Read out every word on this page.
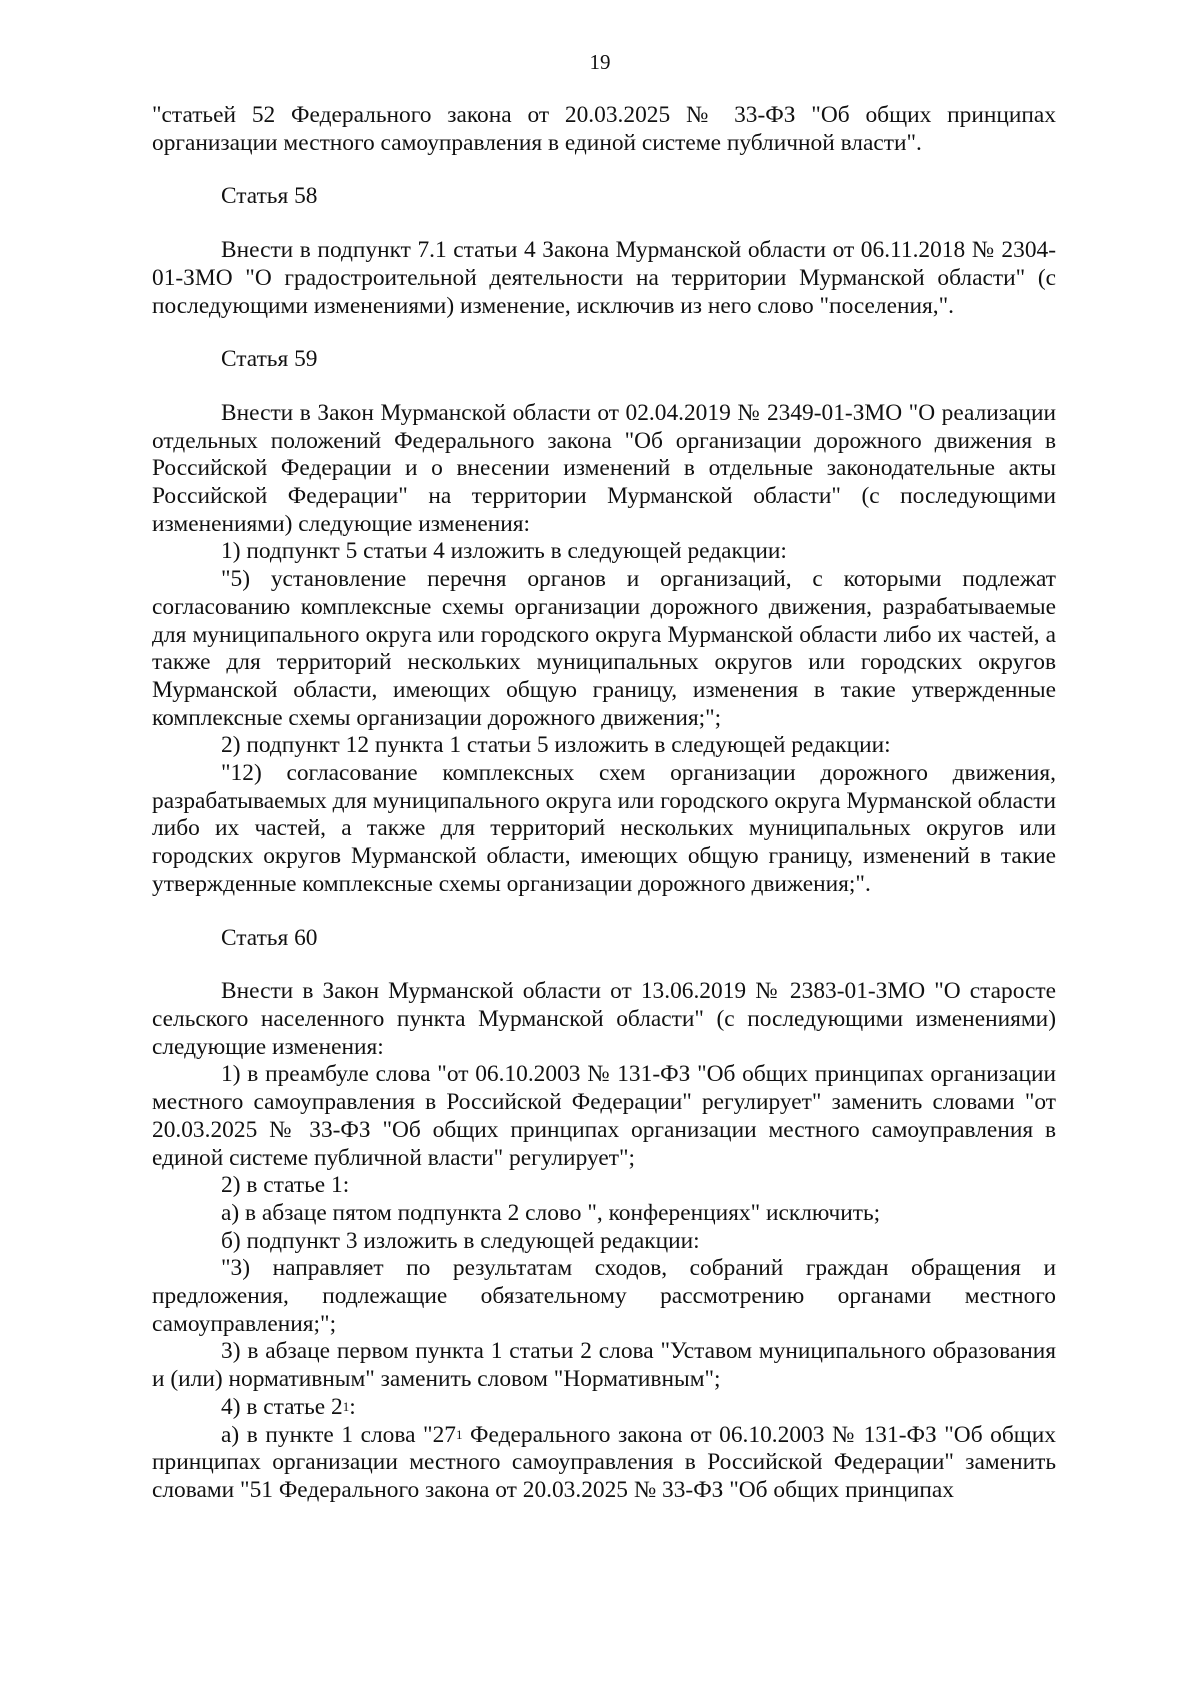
19

"статьей 52 Федерального закона от 20.03.2025 № 33-ФЗ "Об общих принципах организации местного самоуправления в единой системе публичной власти".

Статья 58

Внести в подпункт 7.1 статьи 4 Закона Мурманской области от 06.11.2018 № 2304-01-ЗМО "О градостроительной деятельности на территории Мурманской области" (с последующими изменениями) изменение, исключив из него слово "поселения,".

Статья 59

Внести в Закон Мурманской области от 02.04.2019 № 2349-01-ЗМО "О реализации отдельных положений Федерального закона "Об организации дорожного движения в Российской Федерации и о внесении изменений в отдельные законодательные акты Российской Федерации" на территории Мурманской области" (с последующими изменениями) следующие изменения:

1) подпункт 5 статьи 4 изложить в следующей редакции:

"5) установление перечня органов и организаций, с которыми подлежат согласованию комплексные схемы организации дорожного движения, разрабатываемые для муниципального округа или городского округа Мурманской области либо их частей, а также для территорий нескольких муниципальных округов или городских округов Мурманской области, имеющих общую границу, изменения в такие утвержденные комплексные схемы организации дорожного движения;";

2) подпункт 12 пункта 1 статьи 5 изложить в следующей редакции:

"12) согласование комплексных схем организации дорожного движения, разрабатываемых для муниципального округа или городского округа Мурманской области либо их частей, а также для территорий нескольких муниципальных округов или городских округов Мурманской области, имеющих общую границу, изменений в такие утвержденные комплексные схемы организации дорожного движения;".

Статья 60

Внести в Закон Мурманской области от 13.06.2019 № 2383-01-ЗМО "О старосте сельского населенного пункта Мурманской области" (с последующими изменениями) следующие изменения:

1) в преамбуле слова "от 06.10.2003 № 131-ФЗ "Об общих принципах организации местного самоуправления в Российской Федерации" регулирует" заменить словами "от 20.03.2025 № 33-ФЗ "Об общих принципах организации местного самоуправления в единой системе публичной власти" регулирует";

2) в статье 1:

а) в абзаце пятом подпункта 2 слово ", конференциях" исключить;

б) подпункт 3 изложить в следующей редакции:

"3) направляет по результатам сходов, собраний граждан обращения и предложения, подлежащие обязательному рассмотрению органами местного самоуправления;";

3) в абзаце первом пункта 1 статьи 2 слова "Уставом муниципального образования и (или) нормативным" заменить словом "Нормативным";

4) в статье $2^1$:

а) в пункте 1 слова "$27^1$ Федерального закона от 06.10.2003 № 131-ФЗ "Об общих принципах организации местного самоуправления в Российской Федерации" заменить словами "51 Федерального закона от 20.03.2025 № 33-ФЗ "Об общих принципах
